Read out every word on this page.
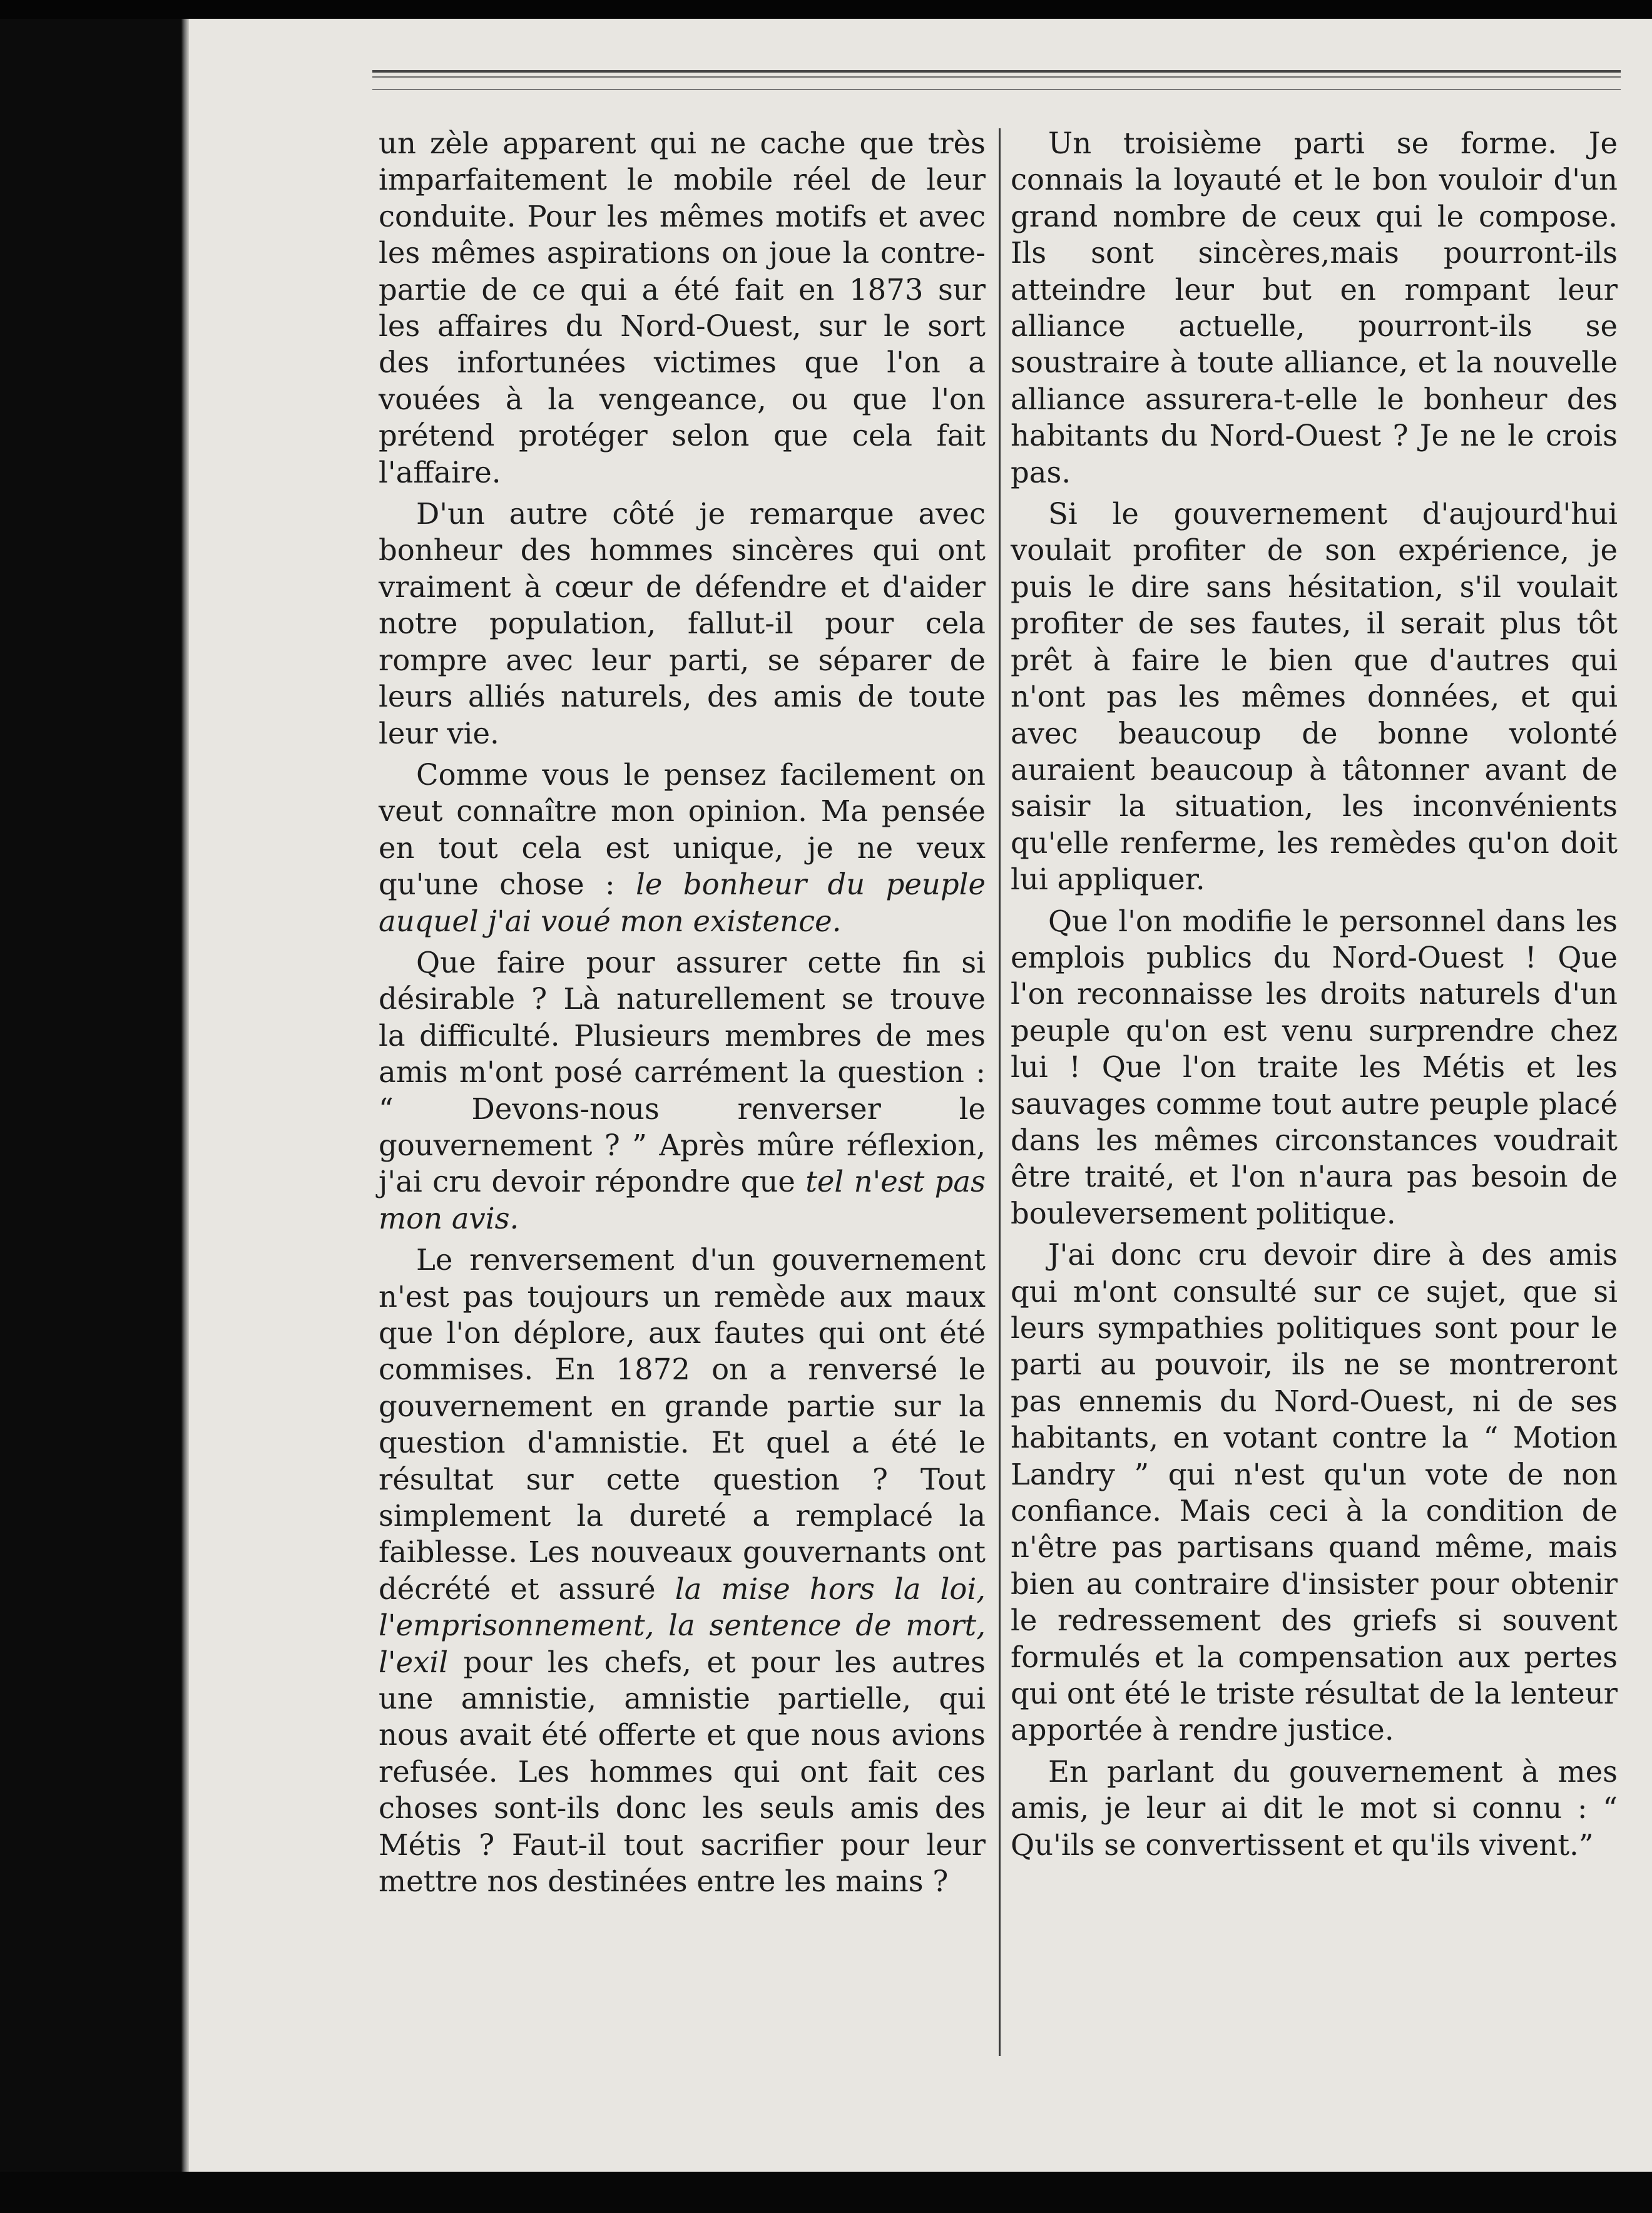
un zèle apparent qui ne cache que très imparfaitement le mobile réel de leur conduite. Pour les mêmes motifs et avec les mêmes aspirations on joue la contre-partie de ce qui a été fait en 1873 sur les affaires du Nord-Ouest, sur le sort des infortunées victimes que l'on a vouées à la vengeance, ou que l'on prétend protéger selon que cela fait l'affaire.

D'un autre côté je remarque avec bonheur des hommes sincères qui ont vraiment à cœur de défendre et d'aider notre population, fallut-il pour cela rompre avec leur parti, se séparer de leurs alliés naturels, des amis de toute leur vie.

Comme vous le pensez facilement on veut connaître mon opinion. Ma pensée en tout cela est unique, je ne veux qu'une chose : le bonheur du peuple auquel j'ai voué mon existence.

Que faire pour assurer cette fin si désirable ? Là naturellement se trouve la difficulté. Plusieurs membres de mes amis m'ont posé carrément la question : “ Devons-nous renverser le gouvernement ? ” Après mûre réflexion, j'ai cru devoir répondre que tel n'est pas mon avis.

Le renversement d'un gouvernement n'est pas toujours un remède aux maux que l'on déplore, aux fautes qui ont été commises. En 1872 on a renversé le gouvernement en grande partie sur la question d'amnistie. Et quel a été le résultat sur cette question ? Tout simplement la dureté a remplacé la faiblesse. Les nouveaux gouvernants ont décrété et assuré la mise hors la loi, l'emprisonnement, la sentence de mort, l'exil pour les chefs, et pour les autres une amnistie, amnistie partielle, qui nous avait été offerte et que nous avions refusée. Les hommes qui ont fait ces choses sont-ils donc les seuls amis des Métis ? Faut-il tout sacrifier pour leur mettre nos destinées entre les mains ?

Un troisième parti se forme. Je connais la loyauté et le bon vouloir d'un grand nombre de ceux qui le compose. Ils sont sincères,mais pourront-ils atteindre leur but en rompant leur alliance actuelle, pourront-ils se soustraire à toute alliance, et la nouvelle alliance assurera-t-elle le bonheur des habitants du Nord-Ouest ? Je ne le crois pas.

Si le gouvernement d'aujourd'hui voulait profiter de son expérience, je puis le dire sans hésitation, s'il voulait profiter de ses fautes, il serait plus tôt prêt à faire le bien que d'autres qui n'ont pas les mêmes données, et qui avec beaucoup de bonne volonté auraient beaucoup à tâtonner avant de saisir la situation, les inconvénients qu'elle renferme, les remèdes qu'on doit lui appliquer.

Que l'on modifie le personnel dans les emplois publics du Nord-Ouest ! Que l'on reconnaisse les droits naturels d'un peuple qu'on est venu surprendre chez lui ! Que l'on traite les Métis et les sauvages comme tout autre peuple placé dans les mêmes circonstances voudrait être traité, et l'on n'aura pas besoin de bouleversement politique.

J'ai donc cru devoir dire à des amis qui m'ont consulté sur ce sujet, que si leurs sympathies politiques sont pour le parti au pouvoir, ils ne se montreront pas ennemis du Nord-Ouest, ni de ses habitants, en votant contre la “ Motion Landry ” qui n'est qu'un vote de non confiance. Mais ceci à la condition de n'être pas partisans quand même, mais bien au contraire d'insister pour obtenir le redressement des griefs si souvent formulés et la compensation aux pertes qui ont été le triste résultat de la lenteur apportée à rendre justice.

En parlant du gouvernement à mes amis, je leur ai dit le mot si connu : “ Qu'ils se convertissent et qu'ils vivent.”
